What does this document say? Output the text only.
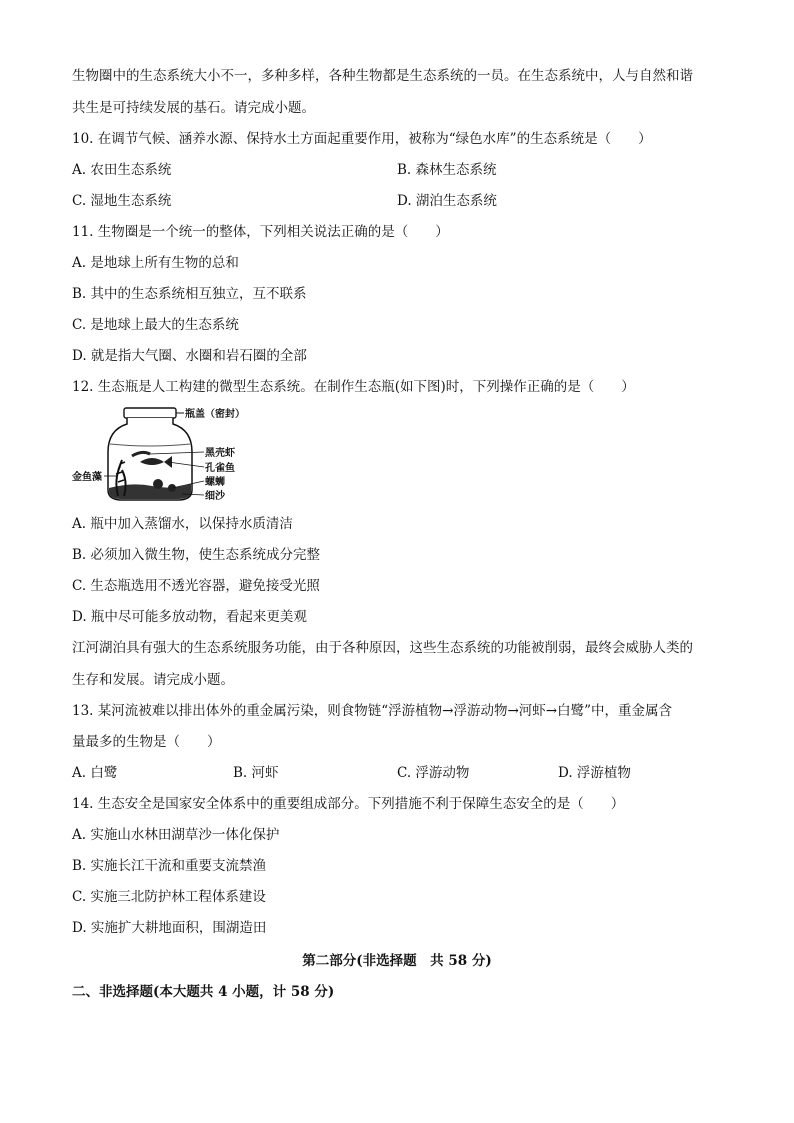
生物圈中的生态系统大小不一，多种多样，各种生物都是生态系统的一员。在生态系统中，人与自然和谐
共生是可持续发展的基石。请完成小题。
10. 在调节气候、涵养水源、保持水土方面起重要作用，被称为“绿色水库”的生态系统是（　　）
A. 农田生态系统	B. 森林生态系统
C. 湿地生态系统	D. 湖泊生态系统
11. 生物圈是一个统一的整体，下列相关说法正确的是（　　）
A. 是地球上所有生物的总和
B. 其中的生态系统相互独立，互不联系
C. 是地球上最大的生态系统
D. 就是指大气圈、水圈和岩石圈的全部
12. 生态瓶是人工构建的微型生态系统。在制作生态瓶(如下图)时，下列操作正确的是（　　）
瓶盖（密封）
黑壳虾
孔雀鱼
螺蛳
细沙
金鱼藻
A. 瓶中加入蒸馏水，以保持水质清洁
B. 必须加入微生物，使生态系统成分完整
C. 生态瓶选用不透光容器，避免接受光照
D. 瓶中尽可能多放动物，看起来更美观
江河湖泊具有强大的生态系统服务功能，由于各种原因，这些生态系统的功能被削弱，最终会威胁人类的
生存和发展。请完成小题。
13. 某河流被难以排出体外的重金属污染，则食物链“浮游植物→浮游动物→河虾→白鹭”中，重金属含
量最多的生物是（　　）
A. 白鹭	B. 河虾	C. 浮游动物	D. 浮游植物
14. 生态安全是国家安全体系中的重要组成部分。下列措施不利于保障生态安全的是（　　）
A. 实施山水林田湖草沙一体化保护
B. 实施长江干流和重要支流禁渔
C. 实施三北防护林工程体系建设
D. 实施扩大耕地面积，围湖造田
第二部分(非选择题　共 58 分)
二、非选择题(本大题共 4 小题，计 58 分)
